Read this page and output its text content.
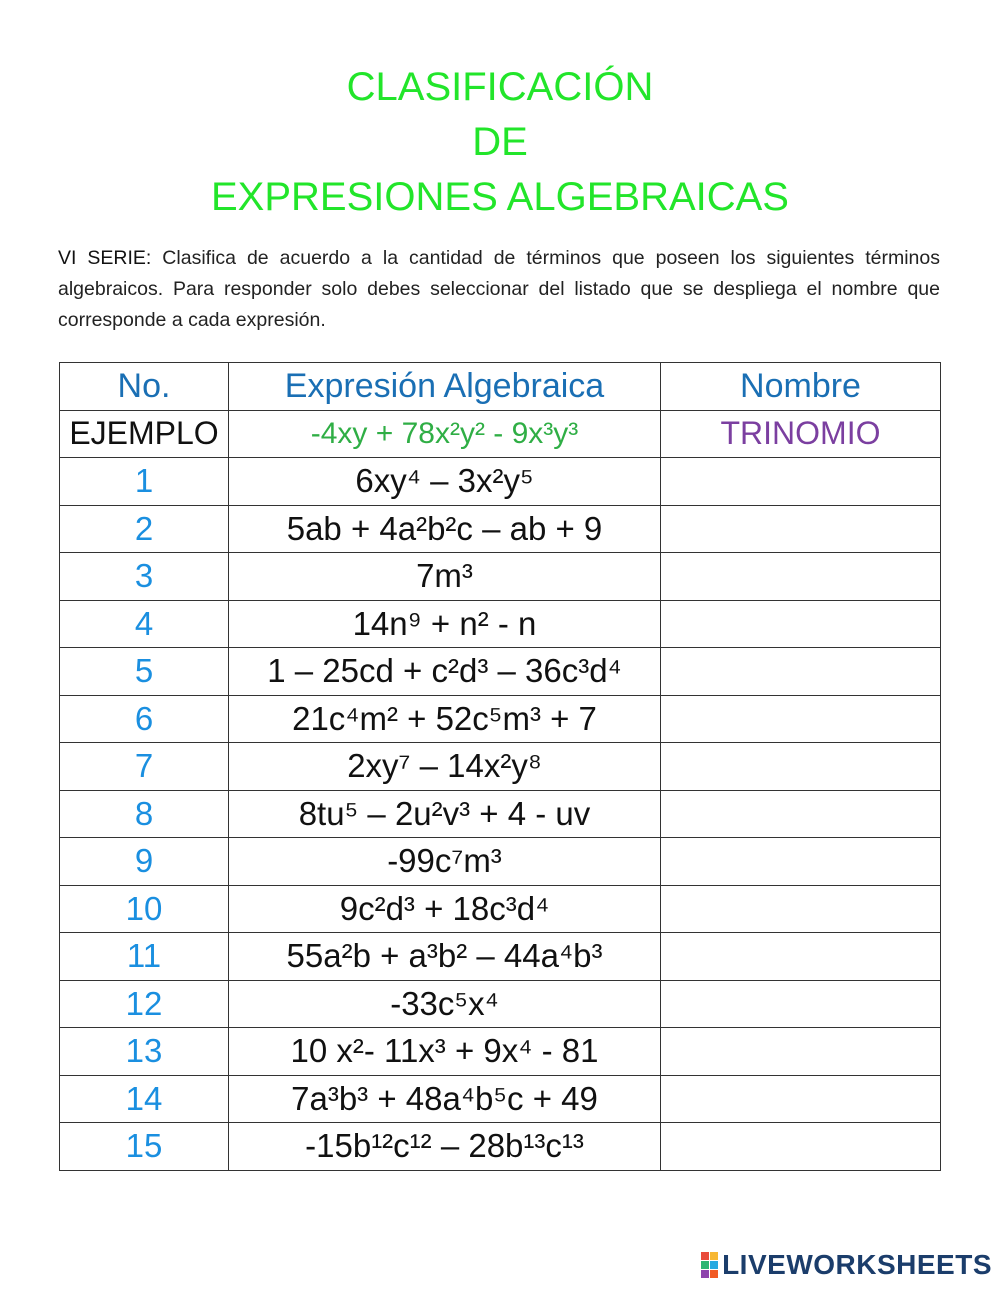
CLASIFICACIÓN
DE
EXPRESIONES ALGEBRAICAS
VI SERIE: Clasifica de acuerdo a la cantidad de términos que poseen los siguientes términos algebraicos. Para responder solo debes seleccionar del listado que se despliega el nombre que corresponde a cada expresión.
No.	Expresión Algebraica	Nombre
EJEMPLO	-4xy + 78x²y² - 9x³y³	TRINOMIO
1	6xy⁴ – 3x²y⁵	
2	5ab + 4a²b²c – ab + 9	
3	7m³	
4	14n⁹ + n² - n	
5	1 – 25cd + c²d³ – 36c³d⁴	
6	21c⁴m² + 52c⁵m³ + 7	
7	2xy⁷ – 14x²y⁸	
8	8tu⁵ – 2u²v³ + 4 - uv	
9	-99c⁷m³	
10	9c²d³ + 18c³d⁴	
11	55a²b + a³b² – 44a⁴b³	
12	-33c⁵x⁴	
13	10 x²- 11x³ + 9x⁴ - 81	
14	7a³b³ + 48a⁴b⁵c + 49	
15	-15b¹²c¹² – 28b¹³c¹³	
LIVEWORKSHEETS
